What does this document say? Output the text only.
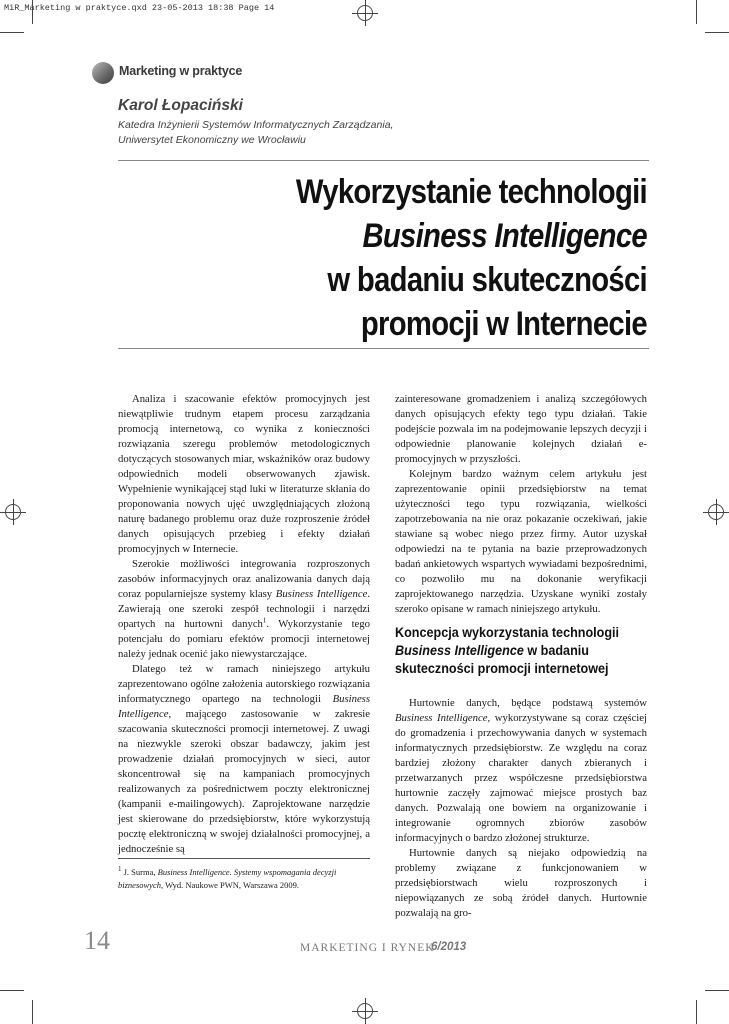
MiR_Marketing w praktyce.qxd 23-05-2013 18:38 Page 14
Marketing w praktyce
Karol Łopaciński
Katedra Inżynierii Systemów Informatycznych Zarządzania,
Uniwersytet Ekonomiczny we Wrocławiu
Wykorzystanie technologii
Business Intelligence
w badaniu skuteczności
promocji w Internecie

Analiza i szacowanie efektów promocyjnych jest niewątpliwie trudnym etapem procesu zarządzania promocją internetową, co wynika z konieczności rozwiązania szeregu problemów metodologicznych dotyczących stosowanych miar, wskaźników oraz budowy odpowiednich modeli obserwowanych zjawisk. Wypełnienie wynikającej stąd luki w literaturze skłania do proponowania nowych ujęć uwzględniających złożoną naturę badanego problemu oraz duże rozproszenie źródeł danych opisujących przebieg i efekty działań promocyjnych w Internecie.

Szerokie możliwości integrowania rozproszonych zasobów informacyjnych oraz analizowania danych dają coraz popularniejsze systemy klasy Business Intelligence. Zawierają one szeroki zespół technologii i narzędzi opartych na hurtowni danych$^1$. Wykorzystanie tego potencjału do pomiaru efektów promocji internetowej należy jednak ocenić jako niewystarczające.

Dlatego też w ramach niniejszego artykułu zaprezentowano ogólne założenia autorskiego rozwiązania informatycznego opartego na technologii Business Intelligence, mającego zastosowanie w zakresie szacowania skuteczności promocji internetowej. Z uwagi na niezwykle szeroki obszar badawczy, jakim jest prowadzenie działań promocyjnych w sieci, autor skoncentrował się na kampaniach promocyjnych realizowanych za pośrednictwem poczty elektronicznej (kampanii e-mailingowych). Zaprojektowane narzędzie jest skierowane do przedsiębiorstw, które wykorzystują pocztę elektroniczną w swojej działalności promocyjnej, a jednocześnie są

zainteresowane gromadzeniem i analizą szczegółowych danych opisujących efekty tego typu działań. Takie podejście pozwala im na podejmowanie lepszych decyzji i odpowiednie planowanie kolejnych działań e-promocyjnych w przyszłości.

Kolejnym bardzo ważnym celem artykułu jest zaprezentowanie opinii przedsiębiorstw na temat użyteczności tego typu rozwiązania, wielkości zapotrzebowania na nie oraz pokazanie oczekiwań, jakie stawiane są wobec niego przez firmy. Autor uzyskał odpowiedzi na te pytania na bazie przeprowadzonych badań ankietowych wspartych wywiadami bezpośrednimi, co pozwoliło mu na dokonanie weryfikacji zaprojektowanego narzędzia. Uzyskane wyniki zostały szeroko opisane w ramach niniejszego artykułu.

Koncepcja wykorzystania technologii
Business Intelligence w badaniu
skuteczności promocji internetowej

Hurtownie danych, będące podstawą systemów Business Intelligence, wykorzystywane są coraz częściej do gromadzenia i przechowywania danych w systemach informatycznych przedsiębiorstw. Ze względu na coraz bardziej złożony charakter danych zbieranych i przetwarzanych przez współczesne przedsiębiorstwa hurtownie zaczęły zajmować miejsce prostych baz danych. Pozwalają one bowiem na organizowanie i integrowanie ogromnych zbiorów zasobów informacyjnych o bardzo złożonej strukturze.

Hurtownie danych są niejako odpowiedzią na problemy związane z funkcjonowaniem w przedsiębiorstwach wielu rozproszonych i niepowiązanych ze sobą źródeł danych. Hurtownie pozwalają na gro-

$^1$ J. Surma, Business Intelligence. Systemy wspomagania decyzji biznesowych, Wyd. Naukowe PWN, Warszawa 2009.
14	MARKETING I RYNEK
6/2013
